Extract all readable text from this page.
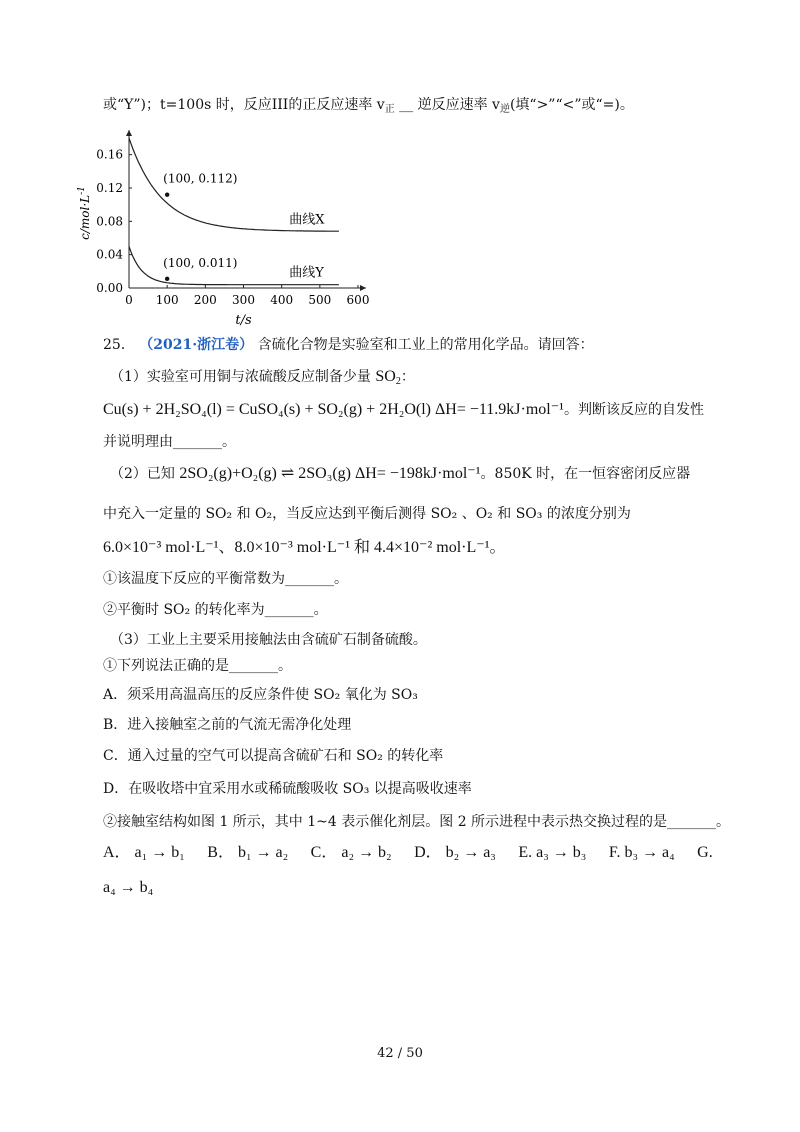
或“Y”)；t=100s 时，反应III的正反应速率 $v_正$ __ 逆反应速率 $v_逆$(填“>”“<”或“=)。
0 100 200 300 400 500 600
0.00
0.04
0.08
0.12
0.16
曲线X
曲线Y
(100, 0.112)
(100, 0.011)
t/s
$c/mol\cdot L^{-1}$
25． （2021·浙江卷） 含硫化合物是实验室和工业上的常用化学品。请回答：
（1）实验室可用铜与浓硫酸反应制备少量 $SO_2$：
Cu(s) + 2H₂SO₄(l) = CuSO₄(s) + SO₂(g) + 2H₂O(l) ΔH= −11.9kJ·mol⁻¹。判断该反应的自发性
并说明理由_______。
（2）已知 2SO₂(g)+O₂(g) ⇌ 2SO₃(g) ΔH= −198kJ·mol⁻¹。850K 时，在一恒容密闭反应器
中充入一定量的 SO₂ 和 O₂，当反应达到平衡后测得 SO₂ 、O₂ 和 SO₃ 的浓度分别为
6.0×10⁻³ mol·L⁻¹、8.0×10⁻³ mol·L⁻¹ 和 4.4×10⁻² mol·L⁻¹。
①该温度下反应的平衡常数为_______。
②平衡时 SO₂ 的转化率为_______。
（3）工业上主要采用接触法由含硫矿石制备硫酸。
①下列说法正确的是_______。
A．须采用高温高压的反应条件使 SO₂ 氧化为 SO₃
B．进入接触室之前的气流无需净化处理
C．通入过量的空气可以提高含硫矿石和 SO₂ 的转化率
D．在吸收塔中宜采用水或稀硫酸吸收 SO₃ 以提高吸收速率
②接触室结构如图 1 所示，其中 1~4 表示催化剂层。图 2 所示进程中表示热交换过程的是_______。
A． a₁ → b₁ B． b₁ → a₂ C． a₂ → b₂ D． b₂ → a₃ E. a₃ → b₃ F. b₃ → a₄ G.
a₄ → b₄
42 / 50
